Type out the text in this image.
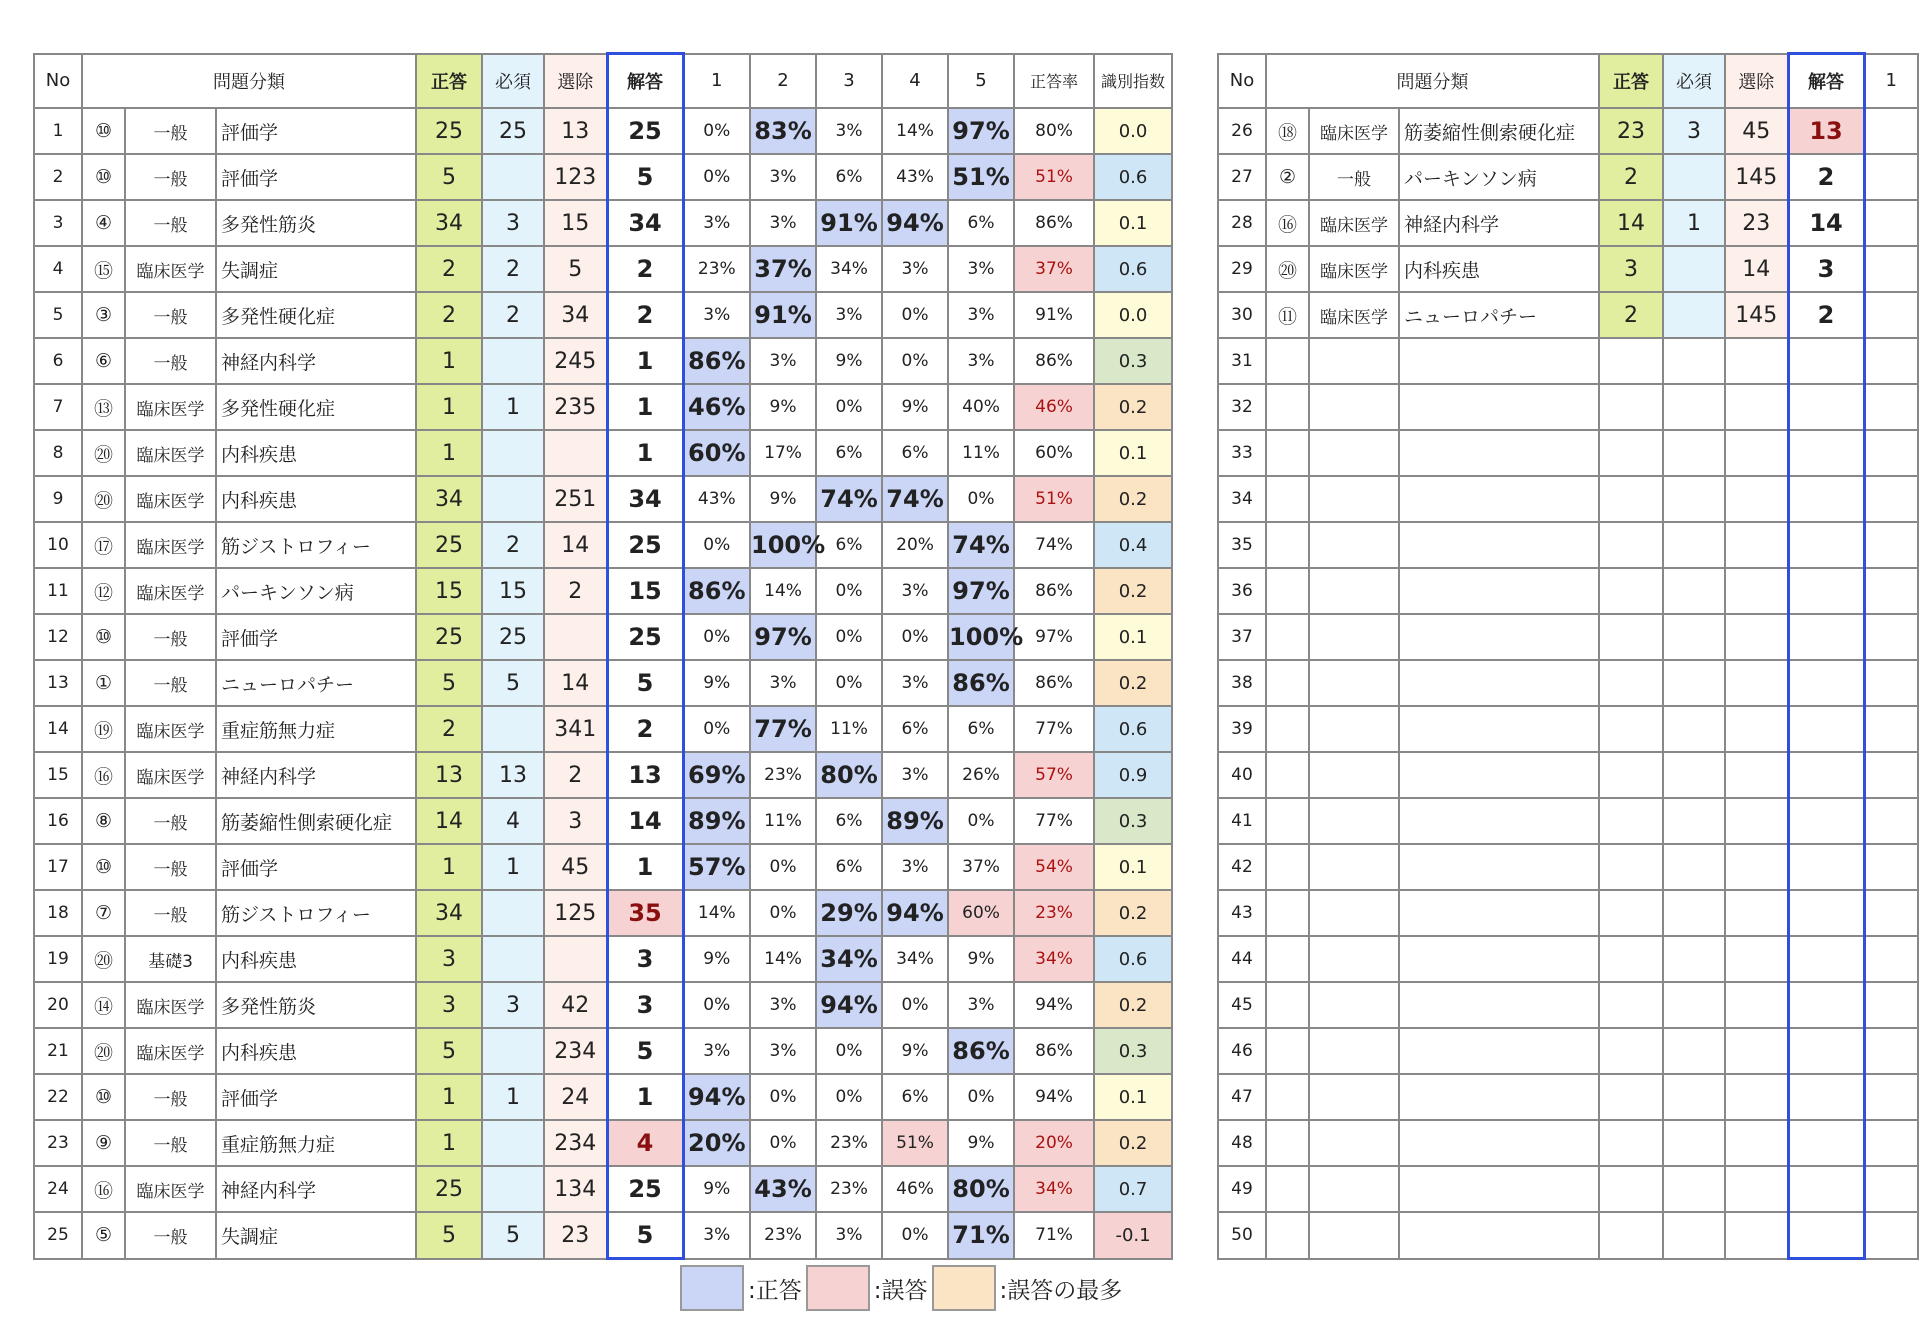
No	問題分類			正答	必須	選除	解答	1	2	3	4	5	正答率	識別指数
1	⑩	一般	評価学	25	25	13	25	0%	83%	3%	14%	97%	80%	0.0
2	⑩	一般	評価学	5		123	5	0%	3%	6%	43%	51%	51%	0.6
3	④	一般	多発性筋炎	34	3	15	34	3%	3%	91%	94%	6%	86%	0.1
4	⑮	臨床医学	失調症	2	2	5	2	23%	37%	34%	3%	3%	37%	0.6
5	③	一般	多発性硬化症	2	2	34	2	3%	91%	3%	0%	3%	91%	0.0
6	⑥	一般	神経内科学	1		245	1	86%	3%	9%	0%	3%	86%	0.3
7	⑬	臨床医学	多発性硬化症	1	1	235	1	46%	9%	0%	9%	40%	46%	0.2
8	⑳	臨床医学	内科疾患	1			1	60%	17%	6%	6%	11%	60%	0.1
9	⑳	臨床医学	内科疾患	34		251	34	43%	9%	74%	74%	0%	51%	0.2
10	⑰	臨床医学	筋ジストロフィー	25	2	14	25	0%	100%	6%	20%	74%	74%	0.4
11	⑫	臨床医学	パーキンソン病	15	15	2	15	86%	14%	0%	3%	97%	86%	0.2
12	⑩	一般	評価学	25	25		25	0%	97%	0%	0%	100%	97%	0.1
13	①	一般	ニューロパチー	5	5	14	5	9%	3%	0%	3%	86%	86%	0.2
14	⑲	臨床医学	重症筋無力症	2		341	2	0%	77%	11%	6%	6%	77%	0.6
15	⑯	臨床医学	神経内科学	13	13	2	13	69%	23%	80%	3%	26%	57%	0.9
16	⑧	一般	筋萎縮性側索硬化症	14	4	3	14	89%	11%	6%	89%	0%	77%	0.3
17	⑩	一般	評価学	1	1	45	1	57%	0%	6%	3%	37%	54%	0.1
18	⑦	一般	筋ジストロフィー	34		125	35	14%	0%	29%	94%	60%	23%	0.2
19	⑳	基礎3	内科疾患	3			3	9%	14%	34%	34%	9%	34%	0.6
20	⑭	臨床医学	多発性筋炎	3	3	42	3	0%	3%	94%	0%	3%	94%	0.2
21	⑳	臨床医学	内科疾患	5		234	5	3%	3%	0%	9%	86%	86%	0.3
22	⑩	一般	評価学	1	1	24	1	94%	0%	0%	6%	0%	94%	0.1
23	⑨	一般	重症筋無力症	1		234	4	20%	0%	23%	51%	9%	20%	0.2
24	⑯	臨床医学	神経内科学	25		134	25	9%	43%	23%	46%	80%	34%	0.7
25	⑤	一般	失調症	5	5	23	5	3%	23%	3%	0%	71%	71%	-0.1
No	問題分類			正答	必須	選除	解答	1
26	⑱	臨床医学	筋萎縮性側索硬化症	23	3	45	13	
27	②	一般	パーキンソン病	2		145	2	
28	⑯	臨床医学	神経内科学	14	1	23	14	
29	⑳	臨床医学	内科疾患	3		14	3	
30	⑪	臨床医学	ニューロパチー	2		145	2	
31								
32								
33								
34								
35								
36								
37								
38								
39								
40								
41								
42								
43								
44								
45								
46								
47								
48								
49								
50								
:正答	:誤答	:誤答の最多
